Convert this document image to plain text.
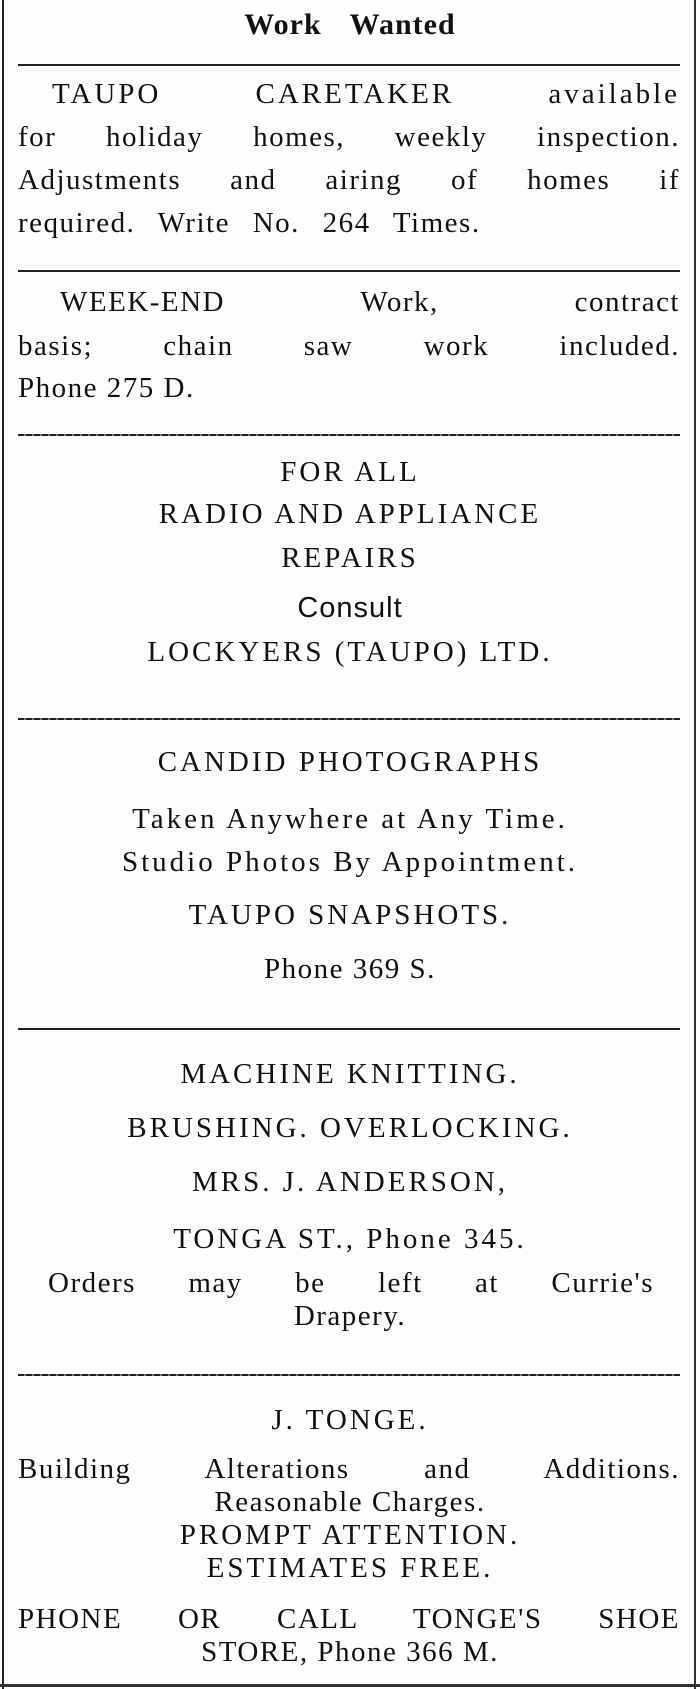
Work Wanted
TAUPO CARETAKER available
for holiday homes, weekly inspection.
Adjustments and airing of homes if
required. Write No. 264 Times.
WEEK-END Work, contract
basis; chain saw work included.
Phone 275 D.
FOR ALL
RADIO AND APPLIANCE
REPAIRS
Consult
LOCKYERS (TAUPO) LTD.
CANDID PHOTOGRAPHS
Taken Anywhere at Any Time.
Studio Photos By Appointment.
TAUPO SNAPSHOTS.
Phone 369 S.
MACHINE KNITTING.
BRUSHING. OVERLOCKING.
MRS. J. ANDERSON,
TONGA ST., Phone 345.
Orders may be left at Currie's
Drapery.
J. TONGE.
Building Alterations and Additions.
Reasonable Charges.
PROMPT ATTENTION.
ESTIMATES FREE.
PHONE OR CALL TONGE'S SHOE
STORE, Phone 366 M.
